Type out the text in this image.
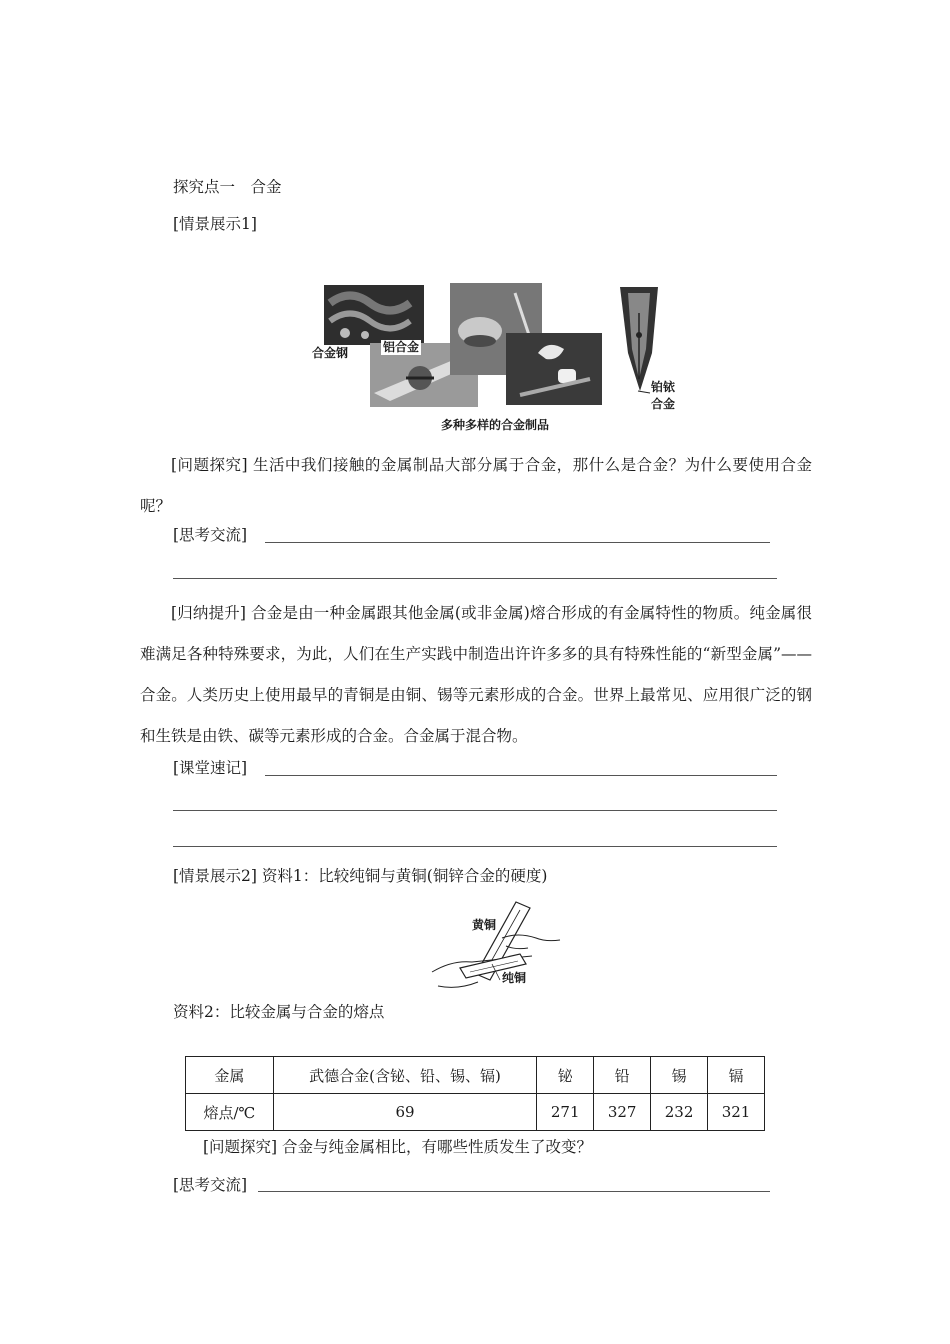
探究点一　合金
[情景展示1]
合金钢	铝合金
铂铱
合金
多种多样的合金制品
[问题探究] 生活中我们接触的金属制品大部分属于合金，那什么是合金？为什么要使用合金呢？
[思考交流]
[归纳提升] 合金是由一种金属跟其他金属(或非金属)熔合形成的有金属特性的物质。纯金属很难满足各种特殊要求，为此，人们在生产实践中制造出许许多多的具有特殊性能的“新型金属”——合金。人类历史上使用最早的青铜是由铜、锡等元素形成的合金。世界上最常见、应用很广泛的钢和生铁是由铁、碳等元素形成的合金。合金属于混合物。
[课堂速记]
[情景展示2] 资料1：比较纯铜与黄铜(铜锌合金的硬度)
黄铜
纯铜
资料2：比较金属与合金的熔点
金属	武德合金(含铋、铅、锡、镉)	铋	铅	锡	镉
熔点/℃	69	271	327	232	321
[问题探究] 合金与纯金属相比，有哪些性质发生了改变？
[思考交流]
